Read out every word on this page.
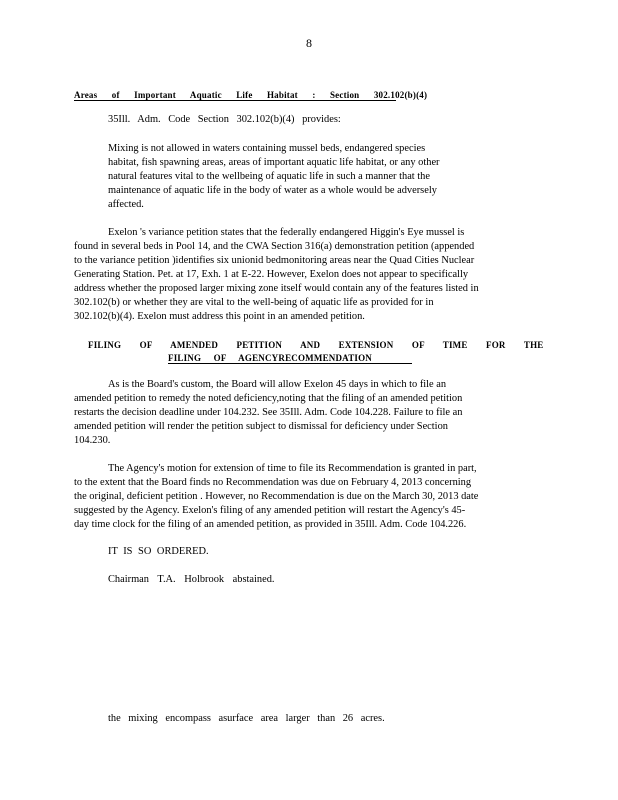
8
Areas of Important Aquatic Life Habitat : Section 302.102(b)(4)
35Ill. Adm. Code Section 302.102(b)(4) provides:
Mixing is not allowed in waters containing mussel beds, endangered species
habitat, fish spawning areas, areas of important aquatic life habitat, or any other
natural features vital to the wellbeing of aquatic life in such a manner that the
maintenance of aquatic life in the body of water as a whole would be adversely
affected.
Exelon 's variance petition states that the federally endangered Higgin's Eye mussel is
found in several beds in Pool 14, and the CWA Section 316(a) demonstration petition (appended
to the variance petition )identifies six unionid bedmonitoring areas near the Quad Cities Nuclear
Generating Station. Pet. at 17, Exh. 1 at E-22. However, Exelon does not appear to specifically
address whether the proposed larger mixing zone itself would contain any of the features listed in
302.102(b) or whether they are vital to the well-being of aquatic life as provided for in
302.102(b)(4). Exelon must address this point in an amended petition.
FILING OF AMENDED PETITION AND EXTENSION OF TIME FOR THE
FILING OF AGENCYRECOMMENDATION
As is the Board's custom, the Board will allow Exelon 45 days in which to file an
amended petition to remedy the noted deficiency,noting that the filing of an amended petition
restarts the decision deadline under 104.232. See 35Ill. Adm. Code 104.228. Failure to file an
amended petition will render the petition subject to dismissal for deficiency under Section
104.230.
The Agency's motion for extension of time to file its Recommendation is granted in part,
to the extent that the Board finds no Recommendation was due on February 4, 2013 concerning
the original, deficient petition . However, no Recommendation is due on the March 30, 2013 date
suggested by the Agency. Exelon's filing of any amended petition will restart the Agency's 45-
day time clock for the filing of an amended petition, as provided in 35Ill. Adm. Code 104.226.
IT IS SO ORDERED.
Chairman T.A. Holbrook abstained.
the mixing encompass asurface area larger than 26 acres.
